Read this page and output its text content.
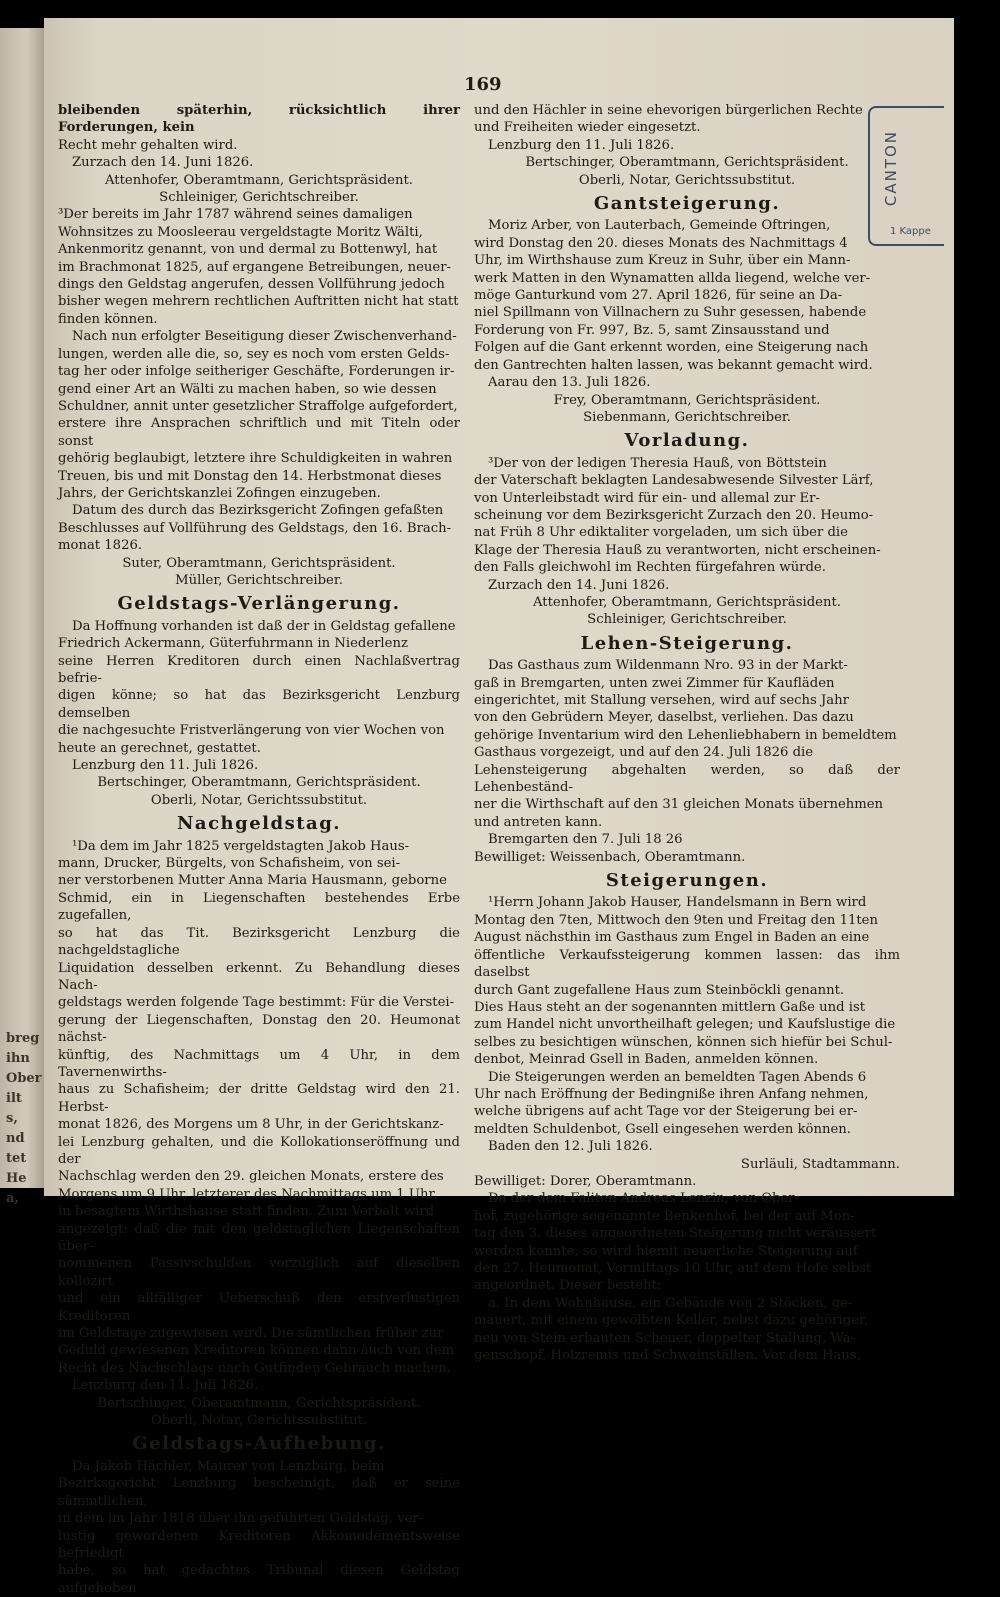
breg
ihn
Ober
ilt
s,
nd
tet
He
a,
169

bleibenden späterhin, rücksichtlich ihrer Forderungen, kein

Recht mehr gehalten wird.

Zurzach den 14. Juni 1826.

Attenhofer, Oberamtmann, Gerichtspräsident.

Schleiniger, Gerichtschreiber.

³Der bereits im Jahr 1787 während seines damaligen

Wohnsitzes zu Moosleerau vergeldstagte Moritz Wälti,

Ankenmoritz genannt, von und dermal zu Bottenwyl, hat

im Brachmonat 1825, auf ergangene Betreibungen, neuer-

dings den Geldstag angerufen, dessen Vollführung jedoch

bisher wegen mehrern rechtlichen Auftritten nicht hat statt

finden können.

Nach nun erfolgter Beseitigung dieser Zwischenverhand-

lungen, werden alle die, so, sey es noch vom ersten Gelds-

tag her oder infolge seitheriger Geschäfte, Forderungen ir-

gend einer Art an Wälti zu machen haben, so wie dessen

Schuldner, annit unter gesetzlicher Straffolge aufgefordert,

erstere ihre Ansprachen schriftlich und mit Titeln oder sonst

gehörig beglaubigt, letztere ihre Schuldigkeiten in wahren

Treuen, bis und mit Donstag den 14. Herbstmonat dieses

Jahrs, der Gerichtskanzlei Zofingen einzugeben.

Datum des durch das Bezirksgericht Zofingen gefaßten

Beschlusses auf Vollführung des Geldstags, den 16. Brach-

monat 1826.

Suter, Oberamtmann, Gerichtspräsident.

Müller, Gerichtschreiber.

Geldstags-Verlängerung.

Da Hoffnung vorhanden ist daß der in Geldstag gefallene

Friedrich Ackermann, Güterfuhrmann in Niederlenz

seine Herren Kreditoren durch einen Nachlaßvertrag befrie-

digen könne; so hat das Bezirksgericht Lenzburg demselben

die nachgesuchte Fristverlängerung von vier Wochen von

heute an gerechnet, gestattet.

Lenzburg den 11. Juli 1826.

Bertschinger, Oberamtmann, Gerichtspräsident.

Oberli, Notar, Gerichtssubstitut.

Nachgeldstag.

¹Da dem im Jahr 1825 vergeldstagten Jakob Haus-

mann, Drucker, Bürgelts, von Schafisheim, von sei-

ner verstorbenen Mutter Anna Maria Hausmann, geborne

Schmid, ein in Liegenschaften bestehendes Erbe zugefallen,

so hat das Tit. Bezirksgericht Lenzburg die nachgeldstagliche

Liquidation desselben erkennt. Zu Behandlung dieses Nach-

geldstags werden folgende Tage bestimmt: Für die Verstei-

gerung der Liegenschaften, Donstag den 20. Heumonat nächst-

künftig, des Nachmittags um 4 Uhr, in dem Tavernenwirths-

haus zu Schafisheim; der dritte Geldstag wird den 21. Herbst-

monat 1826, des Morgens um 8 Uhr, in der Gerichtskanz-

lei Lenzburg gehalten, und die Kollokationseröffnung und der

Nachschlag werden den 29. gleichen Monats, erstere des

Morgens um 9 Uhr, letzterer des Nachmittags um 1 Uhr,

in besagtem Wirthshause statt finden. Zum Verbalt wird

angezeigt: daß die mit den geldstaglichen Liegenschaften über-

nommenen Passivschulden vorzüglich auf dieselben kollozirt

und ein allfälliger Ueberschuß den erstverlustigen Kreditoren

im Geldstage zugewiesen wird. Die sämtlichen früher zur

Geduld gewiesenen Kreditoren können dann auch von dem

Recht des Nachschlags nach Gutfinden Gebrauch machen.

Lenzburg den 11. Juli 1826.

Bertschinger, Oberamtmann, Gerichtspräsident.

Oberli, Notar, Gerichtssubstitut.

Geldstags-Aufhebung.

Da Jakob Hächler, Maurer von Lenzburg, beim

Bezirksgericht Lenzburg bescheinigt, daß er seine sämmtlichen,

in dem im Jahr 1818 über ihn geführten Geldstag, ver-

lustig gewordenen Kreditoren Akkomodementsweise befriedigt

habe, so hat gedachtes Tribunal diesen Geldstag aufgehoben

und den Hächler in seine ehevorigen bürgerlichen Rechte

und Freiheiten wieder eingesetzt.

Lenzburg den 11. Juli 1826.

Bertschinger, Oberamtmann, Gerichtspräsident.

Oberli, Notar, Gerichtssubstitut.

Gantsteigerung.

Moriz Arber, von Lauterbach, Gemeinde Oftringen,

wird Donstag den 20. dieses Monats des Nachmittags 4

Uhr, im Wirthshause zum Kreuz in Suhr, über ein Mann-

werk Matten in den Wynamatten allda liegend, welche ver-

möge Ganturkund vom 27. April 1826, für seine an Da-

niel Spillmann von Villnachern zu Suhr gesessen, habende

Forderung von Fr. 997, Bz. 5, samt Zinsausstand und

Folgen auf die Gant erkennt worden, eine Steigerung nach

den Gantrechten halten lassen, was bekannt gemacht wird.

Aarau den 13. Juli 1826.

Frey, Oberamtmann, Gerichtspräsident.

Siebenmann, Gerichtschreiber.

Vorladung.

³Der von der ledigen Theresia Hauß, von Böttstein

der Vaterschaft beklagten Landesabwesende Silvester Lärf,

von Unterleibstadt wird für ein- und allemal zur Er-

scheinung vor dem Bezirksgericht Zurzach den 20. Heumo-

nat Früh 8 Uhr ediktaliter vorgeladen, um sich über die

Klage der Theresia Hauß zu verantworten, nicht erscheinen-

den Falls gleichwohl im Rechten fürgefahren würde.

Zurzach den 14. Juni 1826.

Attenhofer, Oberamtmann, Gerichtspräsident.

Schleiniger, Gerichtschreiber.

Lehen-Steigerung.

Das Gasthaus zum Wildenmann Nro. 93 in der Markt-

gaß in Bremgarten, unten zwei Zimmer für Kaufläden

eingerichtet, mit Stallung versehen, wird auf sechs Jahr

von den Gebrüdern Meyer, daselbst, verliehen. Das dazu

gehörige Inventarium wird den Lehenliebhabern in bemeldtem

Gasthaus vorgezeigt, und auf den 24. Juli 1826 die

Lehensteigerung abgehalten werden, so daß der Lehenbeständ-

ner die Wirthschaft auf den 31 gleichen Monats übernehmen

und antreten kann.

Bremgarten den 7. Juli 18 26

Bewilliget: Weissenbach, Oberamtmann.

Steigerungen.

¹Herrn Johann Jakob Hauser, Handelsmann in Bern wird

Montag den 7ten, Mittwoch den 9ten und Freitag den 11ten

August nächsthin im Gasthaus zum Engel in Baden an eine

öffentliche Verkaufssteigerung kommen lassen: das ihm daselbst

durch Gant zugefallene Haus zum Steinböckli genannt.

Dies Haus steht an der sogenannten mittlern Gaße und ist

zum Handel nicht unvortheilhaft gelegen; und Kaufslustige die

selbes zu besichtigen wünschen, können sich hiefür bei Schul-

denbot, Meinrad Gsell in Baden, anmelden können.

Die Steigerungen werden an bemeldten Tagen Abends 6

Uhr nach Eröffnung der Bedingniße ihren Anfang nehmen,

welche übrigens auf acht Tage vor der Steigerung bei er-

meldten Schuldenbot, Gsell eingesehen werden können.

Baden den 12. Juli 1826.

Surläuli, Stadtammann.

Bewilliget: Dorer, Oberamtmann.

Da der dem Faliten Andreas Lenzin, von Ober-

hof, zugehörige sogenannte Benkenhof, bei der auf Mon-

tag den 3. dieses angeordneten Steigerung nicht veräussert

werden konnte, so wird hiemit neuerliche Steigerung auf

den 27. Heumonat, Vormittags 10 Uhr, auf dem Hofe selbst

angeordnet. Dieser besteht:

a. In dem Wohnhause, ein Gebäude von 2 Stöcken, ge-

mauert, mit einem gewölbten Keller, nebst dazu gehöriger,

neu von Stein erbauten Scheuer, doppelter Stallung, Wa-

genschopf, Holzremis und Schweinställen. Vor dem Haus,

CANTON
1 Kappe
